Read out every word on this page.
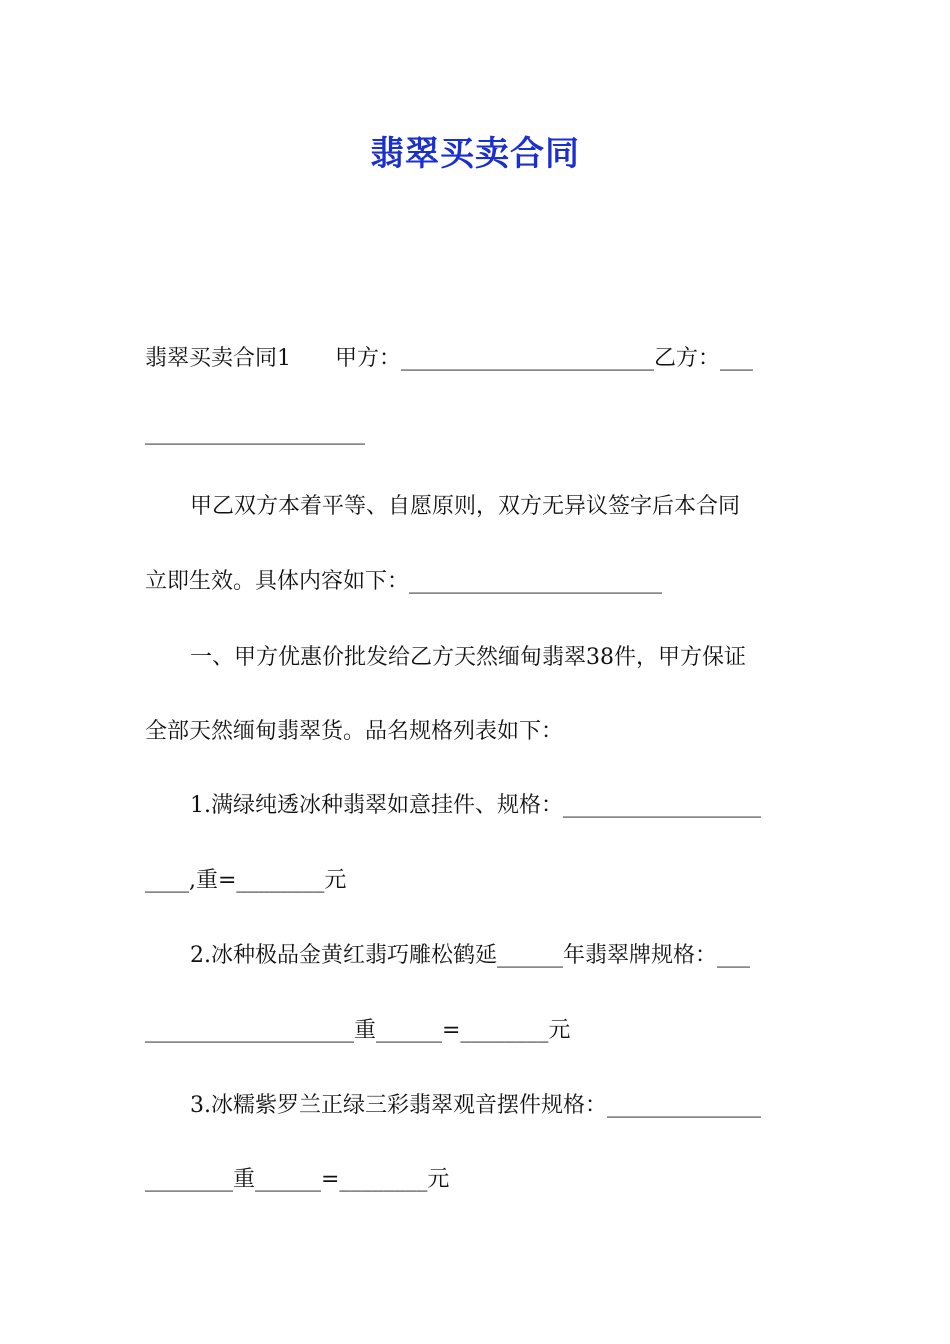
翡翠买卖合同
翡翠买卖合同1　　甲方：_______________________乙方：___
____________________
甲乙双方本着平等、自愿原则，双方无异议签字后本合同
立即生效。具体内容如下：_______________________
一、甲方优惠价批发给乙方天然缅甸翡翠38件，甲方保证
全部天然缅甸翡翠货。品名规格列表如下：
1.满绿纯透冰种翡翠如意挂件、规格：__________________
____,重=________元
2.冰种极品金黄红翡巧雕松鹤延______年翡翠牌规格：___
___________________重______=________元
3.冰糯紫罗兰正绿三彩翡翠观音摆件规格：______________
________重______=________元
